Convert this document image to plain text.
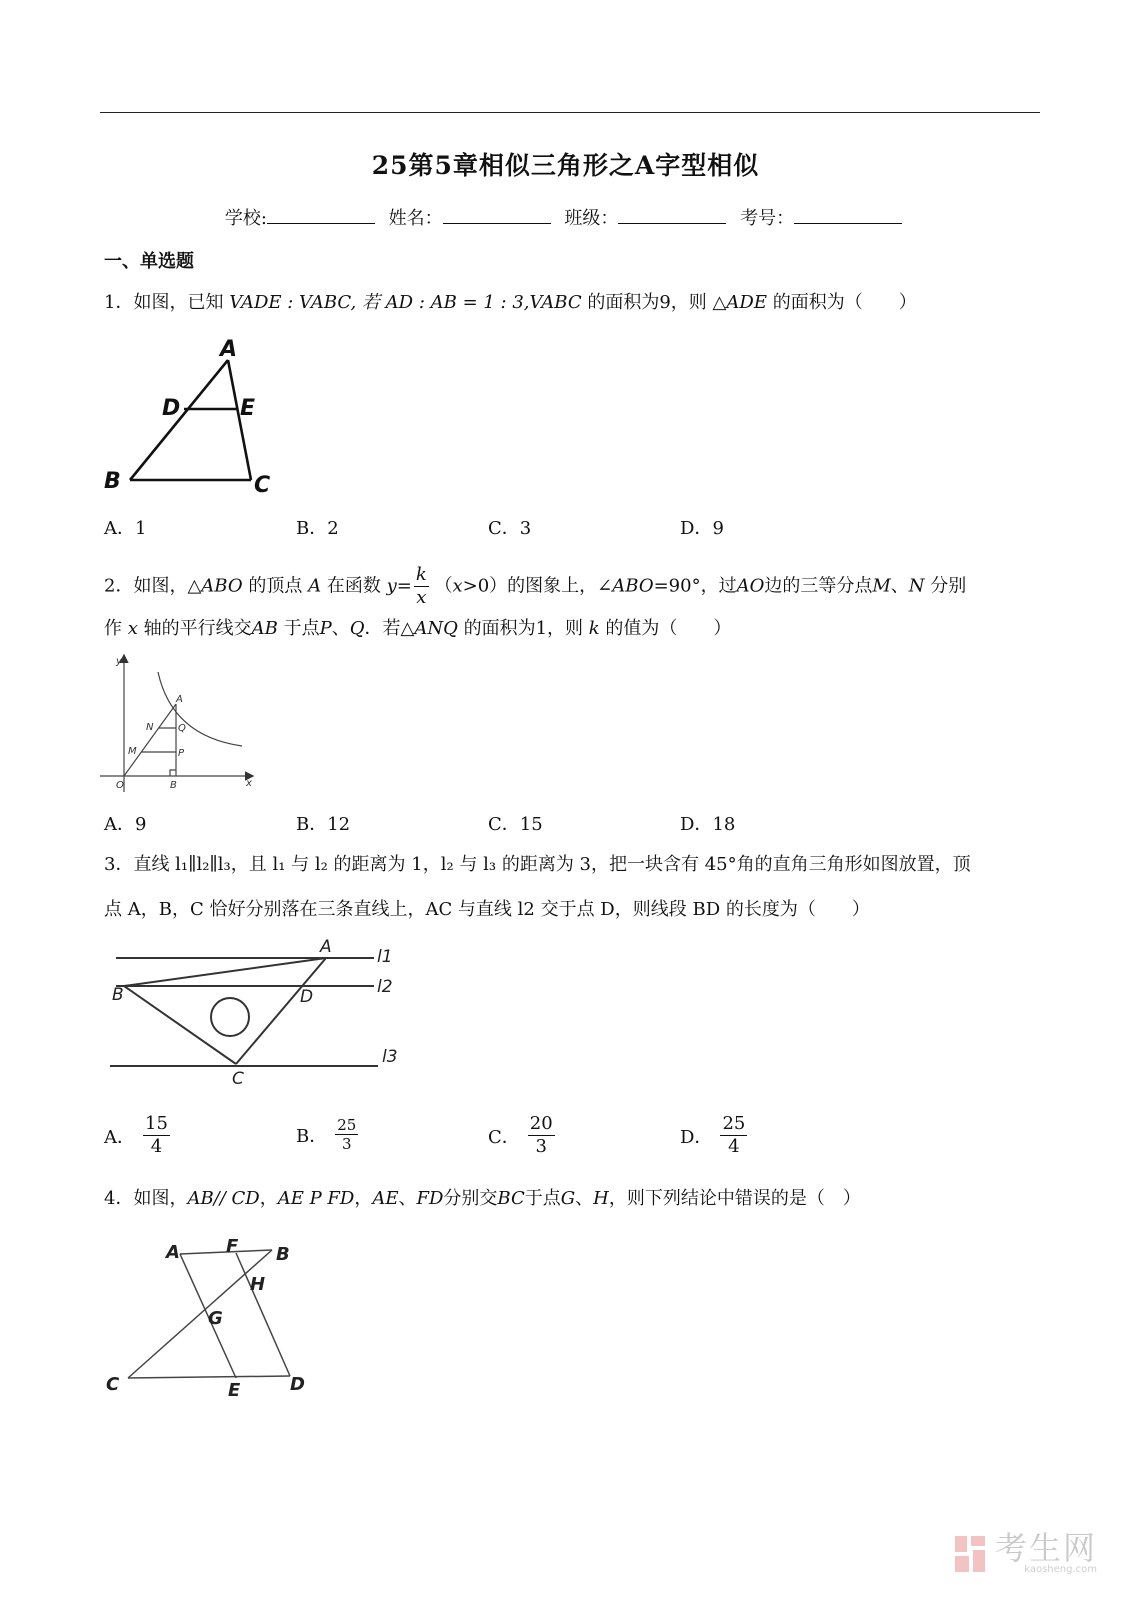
25第5章相似三角形之A字型相似
学校:	姓名：	班级：	考号：
一、单选题
1．如图，已知 VADE : VABC, 若 AD : AB = 1 : 3,VABC 的面积为9，则 △ADE 的面积为（　　）
A
D	E
B	C
A．1	B．2	C．3	D．9
2．如图，△ABO 的顶点 A 在函数 $y= \frac{k}{x} (x>0)$的图象上，∠ABO=90°，过AO边的三等分点M、N 分别
作 x 轴的平行线交AB 于点P、Q．若△ANQ 的面积为1，则 k 的值为（　　）
y
A
N Q
M	P
O	B	x
A．9	B．12	C．15	D．18
3．直线 l₁∥l₂∥l₃，且 l₁ 与 l₂ 的距离为 1，l₂ 与 l₃ 的距离为 3，把一块含有 45°角的直角三角形如图放置，顶
点 A，B，C 恰好分别落在三条直线上，AC 与直线 l2 交于点 D，则线段 BD 的长度为（　　）
A
B	D
C
l1
l2
l3
A． $\frac{15}{4}$	B． $\frac{25}{3}$	C． $\frac{20}{3}$	D． $\frac{25}{4}$
4．如图，AB// CD，AE P FD，AE、FD分别交BC于点G、H，则下列结论中错误的是（　）
A	F B
H
G
C	E	D
考生网
kaosheng.com
